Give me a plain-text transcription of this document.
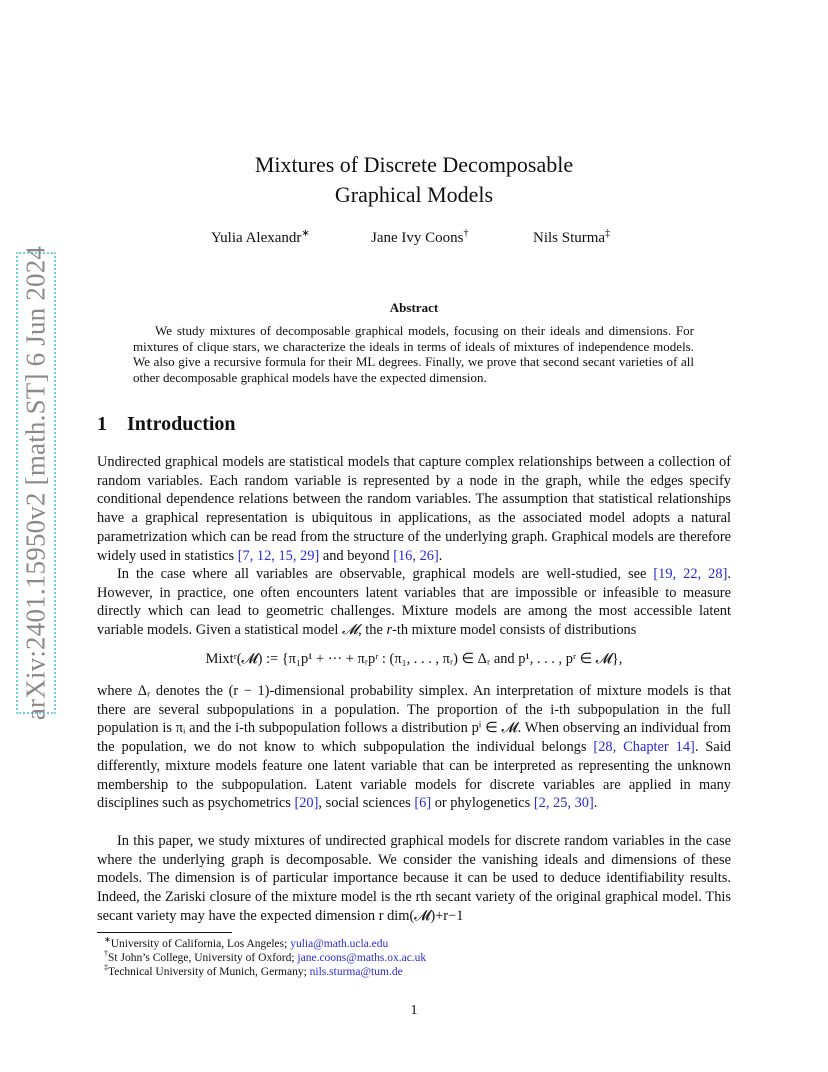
arXiv:2401.15950v2 [math.ST] 6 Jun 2024
Mixtures of Discrete Decomposable
Graphical Models
Yulia Alexandr∗	Jane Ivy Coons†	Nils Sturma‡
Abstract
We study mixtures of decomposable graphical models, focusing on their ideals and dimensions. For mixtures of clique stars, we characterize the ideals in terms of ideals of mixtures of independence models. We also give a recursive formula for their ML degrees. Finally, we prove that second secant varieties of all other decomposable graphical models have the expected dimension.
1 Introduction
Undirected graphical models are statistical models that capture complex relationships between a collection of random variables. Each random variable is represented by a node in the graph, while the edges specify conditional dependence relations between the random variables. The assumption that statistical relationships have a graphical representation is ubiquitous in applications, as the associated model adopts a natural parametrization which can be read from the structure of the underlying graph. Graphical models are therefore widely used in statistics [7, 12, 15, 29] and beyond [16, 26].
In the case where all variables are observable, graphical models are well-studied, see [19, 22, 28]. However, in practice, one often encounters latent variables that are impossible or infeasible to measure directly which can lead to geometric challenges. Mixture models are among the most accessible latent variable models. Given a statistical model 𝓜, the r-th mixture model consists of distributions
Mixtʳ(𝓜) := {π₁p¹ + ··· + πᵣpʳ : (π₁, . . . , πᵣ) ∈ Δᵣ and p¹, . . . , pʳ ∈ 𝓜},
where Δᵣ denotes the (r − 1)-dimensional probability simplex. An interpretation of mixture models is that there are several subpopulations in a population. The proportion of the i-th subpopulation in the full population is πᵢ and the i-th subpopulation follows a distribution pⁱ ∈ 𝓜. When observing an individual from the population, we do not know to which subpopulation the individual belongs [28, Chapter 14]. Said differently, mixture models feature one latent variable that can be interpreted as representing the unknown membership to the subpopulation. Latent variable models for discrete variables are applied in many disciplines such as psychometrics [20], social sciences [6] or phylogenetics [2, 25, 30].
In this paper, we study mixtures of undirected graphical models for discrete random variables in the case where the underlying graph is decomposable. We consider the vanishing ideals and dimensions of these models. The dimension is of particular importance because it can be used to deduce identifiability results. Indeed, the Zariski closure of the mixture model is the rth secant variety of the original graphical model. This secant variety may have the expected dimension r dim(𝓜)+r−1
∗University of California, Los Angeles; yulia@math.ucla.edu
†St John’s College, University of Oxford; jane.coons@maths.ox.ac.uk
‡Technical University of Munich, Germany; nils.sturma@tum.de
1
